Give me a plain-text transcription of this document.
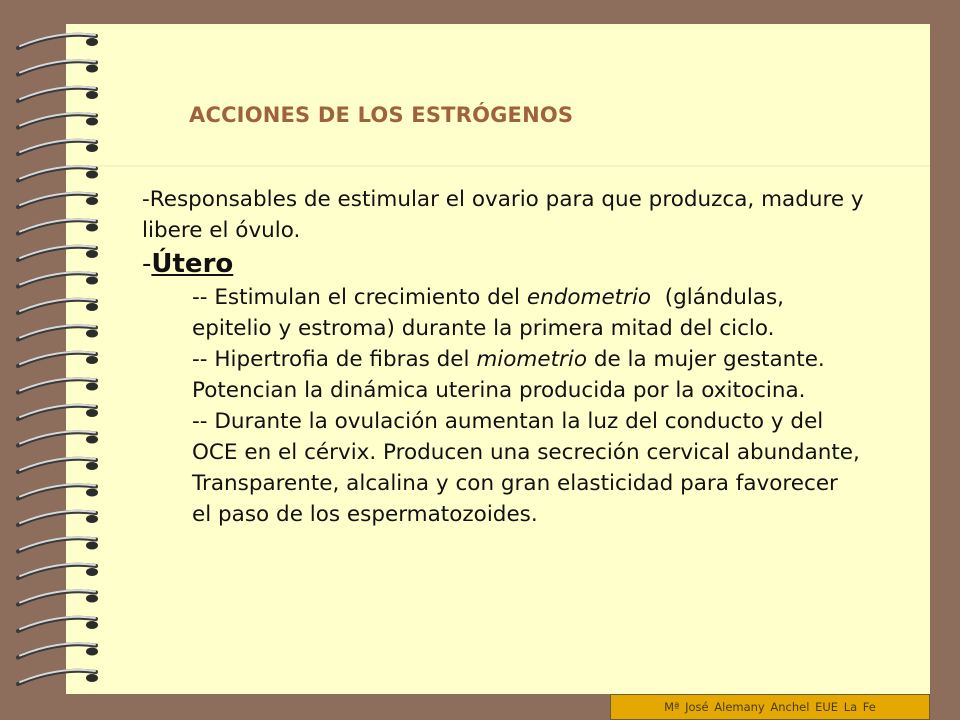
ACCIONES DE LOS ESTRÓGENOS

-Responsables de estimular el ovario para que produzca, madure y libere el óvulo.

-Útero

-- Estimulan el crecimiento del endometrio  (glándulas,

epitelio y estroma) durante la primera mitad del ciclo.

-- Hipertrofia de fibras del miometrio de la mujer gestante.

Potencian la dinámica uterina producida por la oxitocina.

-- Durante la ovulación aumentan la luz del conducto y del

OCE en el cérvix. Producen una secreción cervical abundante,

Transparente, alcalina y con gran elasticidad para favorecer

el paso de los espermatozoides.

Mª José Alemany Anchel EUE La Fe
